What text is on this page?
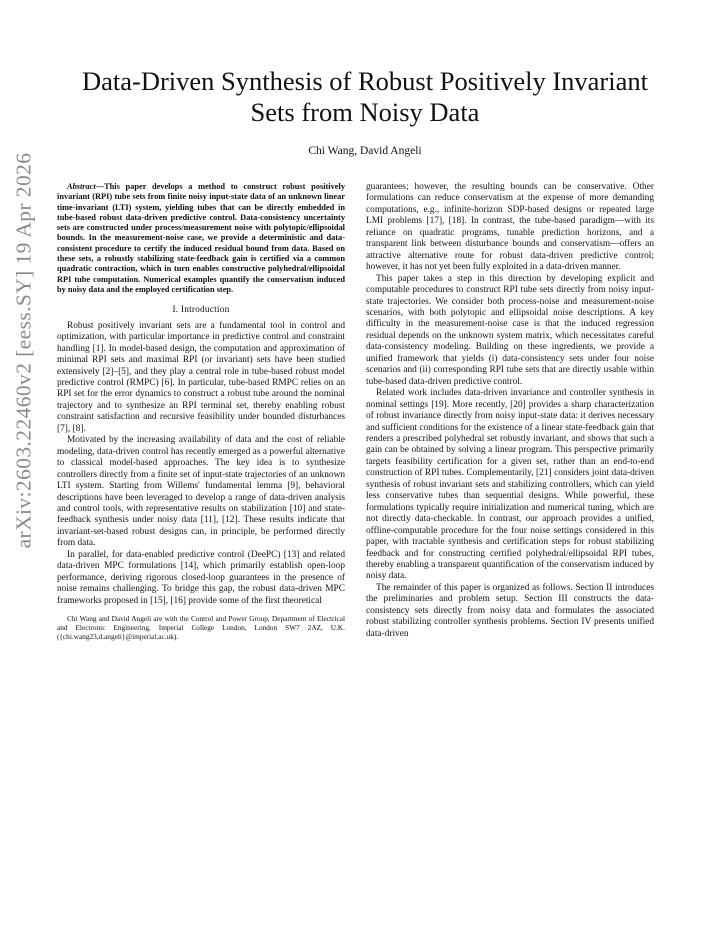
arXiv:2603.22460v2 [eess.SY] 19 Apr 2026
Data-Driven Synthesis of Robust Positively Invariant Sets from Noisy Data

Chi Wang, David Angeli

Abstract—This paper develops a method to construct robust positively invariant (RPI) tube sets from finite noisy input-state data of an unknown linear time-invariant (LTI) system, yielding tubes that can be directly embedded in tube-based robust data-driven predictive control. Data-consistency uncertainty sets are constructed under process/measurement noise with polytopic/ellipsoidal bounds. In the measurement-noise case, we provide a deterministic and data-consistent procedure to certify the induced residual bound from data. Based on these sets, a robustly stabilizing state-feedback gain is certified via a common quadratic contraction, which in turn enables constructive polyhedral/ellipsoidal RPI tube computation. Numerical examples quantify the conservatism induced by noisy data and the employed certification step.

I. Introduction

Robust positively invariant sets are a fundamental tool in control and optimization, with particular importance in predictive control and constraint handling [1]. In model-based design, the computation and approximation of minimal RPI sets and maximal RPI (or invariant) sets have been studied extensively [2]–[5], and they play a central role in tube-based robust model predictive control (RMPC) [6]. In particular, tube-based RMPC relies on an RPI set for the error dynamics to construct a robust tube around the nominal trajectory and to synthesize an RPI terminal set, thereby enabling robust constraint satisfaction and recursive feasibility under bounded disturbances [7], [8].

Motivated by the increasing availability of data and the cost of reliable modeling, data-driven control has recently emerged as a powerful alternative to classical model-based approaches. The key idea is to synthesize controllers directly from a finite set of input-state trajectories of an unknown LTI system. Starting from Willems' fundamental lemma [9], behavioral descriptions have been leveraged to develop a range of data-driven analysis and control tools, with representative results on stabilization [10] and state-feedback synthesis under noisy data [11], [12]. These results indicate that invariant-set-based robust designs can, in principle, be performed directly from data.

In parallel, for data-enabled predictive control (DeePC) [13] and related data-driven MPC formulations [14], which primarily establish open-loop performance, deriving rigorous closed-loop guarantees in the presence of noise remains challenging. To bridge this gap, the robust data-driven MPC frameworks proposed in [15], [16] provide some of the first theoretical

Chi Wang and David Angeli are with the Control and Power Group, Department of Electrical and Electronic Engineering, Imperial College London, London SW7 2AZ, U.K. ({chi.wang23,d.angeli}@imperial.ac.uk).

guarantees; however, the resulting bounds can be conservative. Other formulations can reduce conservatism at the expense of more demanding computations, e.g., infinite-horizon SDP-based designs or repeated large LMI problems [17], [18]. In contrast, the tube-based paradigm—with its reliance on quadratic programs, tunable prediction horizons, and a transparent link between disturbance bounds and conservatism—offers an attractive alternative route for robust data-driven predictive control; however, it has not yet been fully exploited in a data-driven manner.

This paper takes a step in this direction by developing explicit and computable procedures to construct RPI tube sets directly from noisy input-state trajectories. We consider both process-noise and measurement-noise scenarios, with both polytopic and ellipsoidal noise descriptions. A key difficulty in the measurement-noise case is that the induced regression residual depends on the unknown system matrix, which necessitates careful data-consistency modeling. Building on these ingredients, we provide a unified framework that yields (i) data-consistency sets under four noise scenarios and (ii) corresponding RPI tube sets that are directly usable within tube-based data-driven predictive control.

Related work includes data-driven invariance and controller synthesis in nominal settings [19]. More recently, [20] provides a sharp characterization of robust invariance directly from noisy input-state data: it derives necessary and sufficient conditions for the existence of a linear state-feedback gain that renders a prescribed polyhedral set robustly invariant, and shows that such a gain can be obtained by solving a linear program. This perspective primarily targets feasibility certification for a given set, rather than an end-to-end construction of RPI tubes. Complementarily, [21] considers joint data-driven synthesis of robust invariant sets and stabilizing controllers, which can yield less conservative tubes than sequential designs. While powerful, these formulations typically require initialization and numerical tuning, which are not directly data-checkable. In contrast, our approach provides a unified, offline-computable procedure for the four noise settings considered in this paper, with tractable synthesis and certification steps for robust stabilizing feedback and for constructing certified polyhedral/ellipsoidal RPI tubes, thereby enabling a transparent quantification of the conservatism induced by noisy data.

The remainder of this paper is organized as follows. Section II introduces the preliminaries and problem setup. Section III constructs the data-consistency sets directly from noisy data and formulates the associated robust stabilizing controller synthesis problems. Section IV presents unified data-driven
